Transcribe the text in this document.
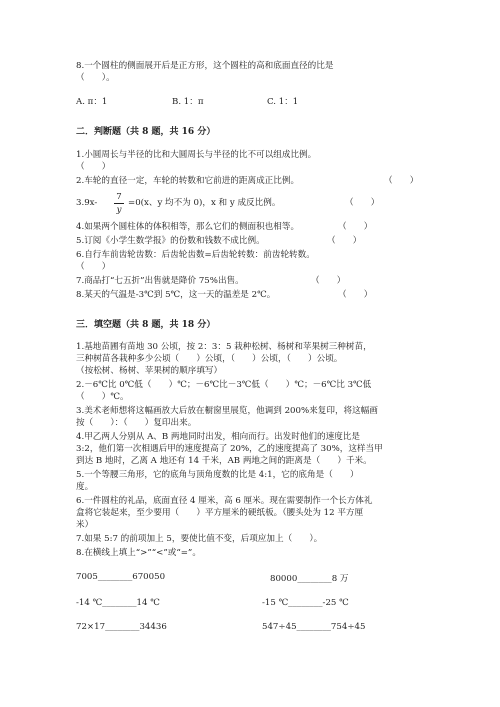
8.一个圆柱的侧面展开后是正方形，这个圆柱的高和底面直径的比是
（　　）。
A. π：1	B. 1：π	C. 1：1
二．判断题（共 8 题，共 16 分）
1.小圆周长与半径的比和大圆周长与半径的比不可以组成比例。
（　　）
2.车轮的直径一定，车轮的转数和它前进的距离成正比例。	（　　）
3.9x-
7
y
=0(x、y 均不为 0)，x 和 y 成反比例。	（　　）
4.如果两个圆柱体的体积相等，那么它们的侧面积也相等。	（　　）
5.订阅《小学生数学报》的份数和钱数不成比例。	（　　）
6.自行车前齿轮齿数：后齿轮齿数=后齿轮转数：前齿轮转数。
（　　）
7.商品打“七五折”出售就是降价 75%出售。	（　　）
8.某天的气温是-3℃到 5℃，这一天的温差是 2℃。	（　　）
三．填空题（共 8 题，共 18 分）
1.基地苗圃有苗地 30 公顷，按 2：3：5 栽种松树、杨树和苹果树三种树苗，
三种树苗各栽种多少公顷（　　）公顷，（　　）公顷，（　　）公顷。
（按松树、杨树、苹果树的顺序填写）
2.－6℃比 0℃低（　　）℃；－6℃比－3℃低（　　）℃；－6℃比 3℃低
（　　）℃。
3.美术老师想将这幅画放大后放在橱窗里展览，他调到 200%来复印，将这幅画
按（　　）：（　　）复印出来。
4.甲乙两人分别从 A、B 两地同时出发，相向而行。出发时他们的速度比是
3:2，他们第一次相遇后甲的速度提高了 20%，乙的速度提高了 30%，这样当甲
到达 B 地时，乙离 A 地还有 14 千米，AB 两地之间的距离是（　　）千米。
5.一个等腰三角形，它的底角与顶角度数的比是 4:1，它的底角是（　　）
度。
6.一件圆柱的礼品，底面直径 4 厘米，高 6 厘米。现在需要制作一个长方体礼
盒将它装起来，至少要用（　　）平方厘米的硬纸板。（腰头处为 12 平方厘
米）
7.如果 5:7 的前项加上 5，要使比值不变，后项应加上（　　）。
8.在横线上填上“>”“<”或“=”。
7005________670050	80000________8 万
-14 ℃________14 ℃	-15 ℃________-25 ℃
72×17________34436	547÷45________754÷45
